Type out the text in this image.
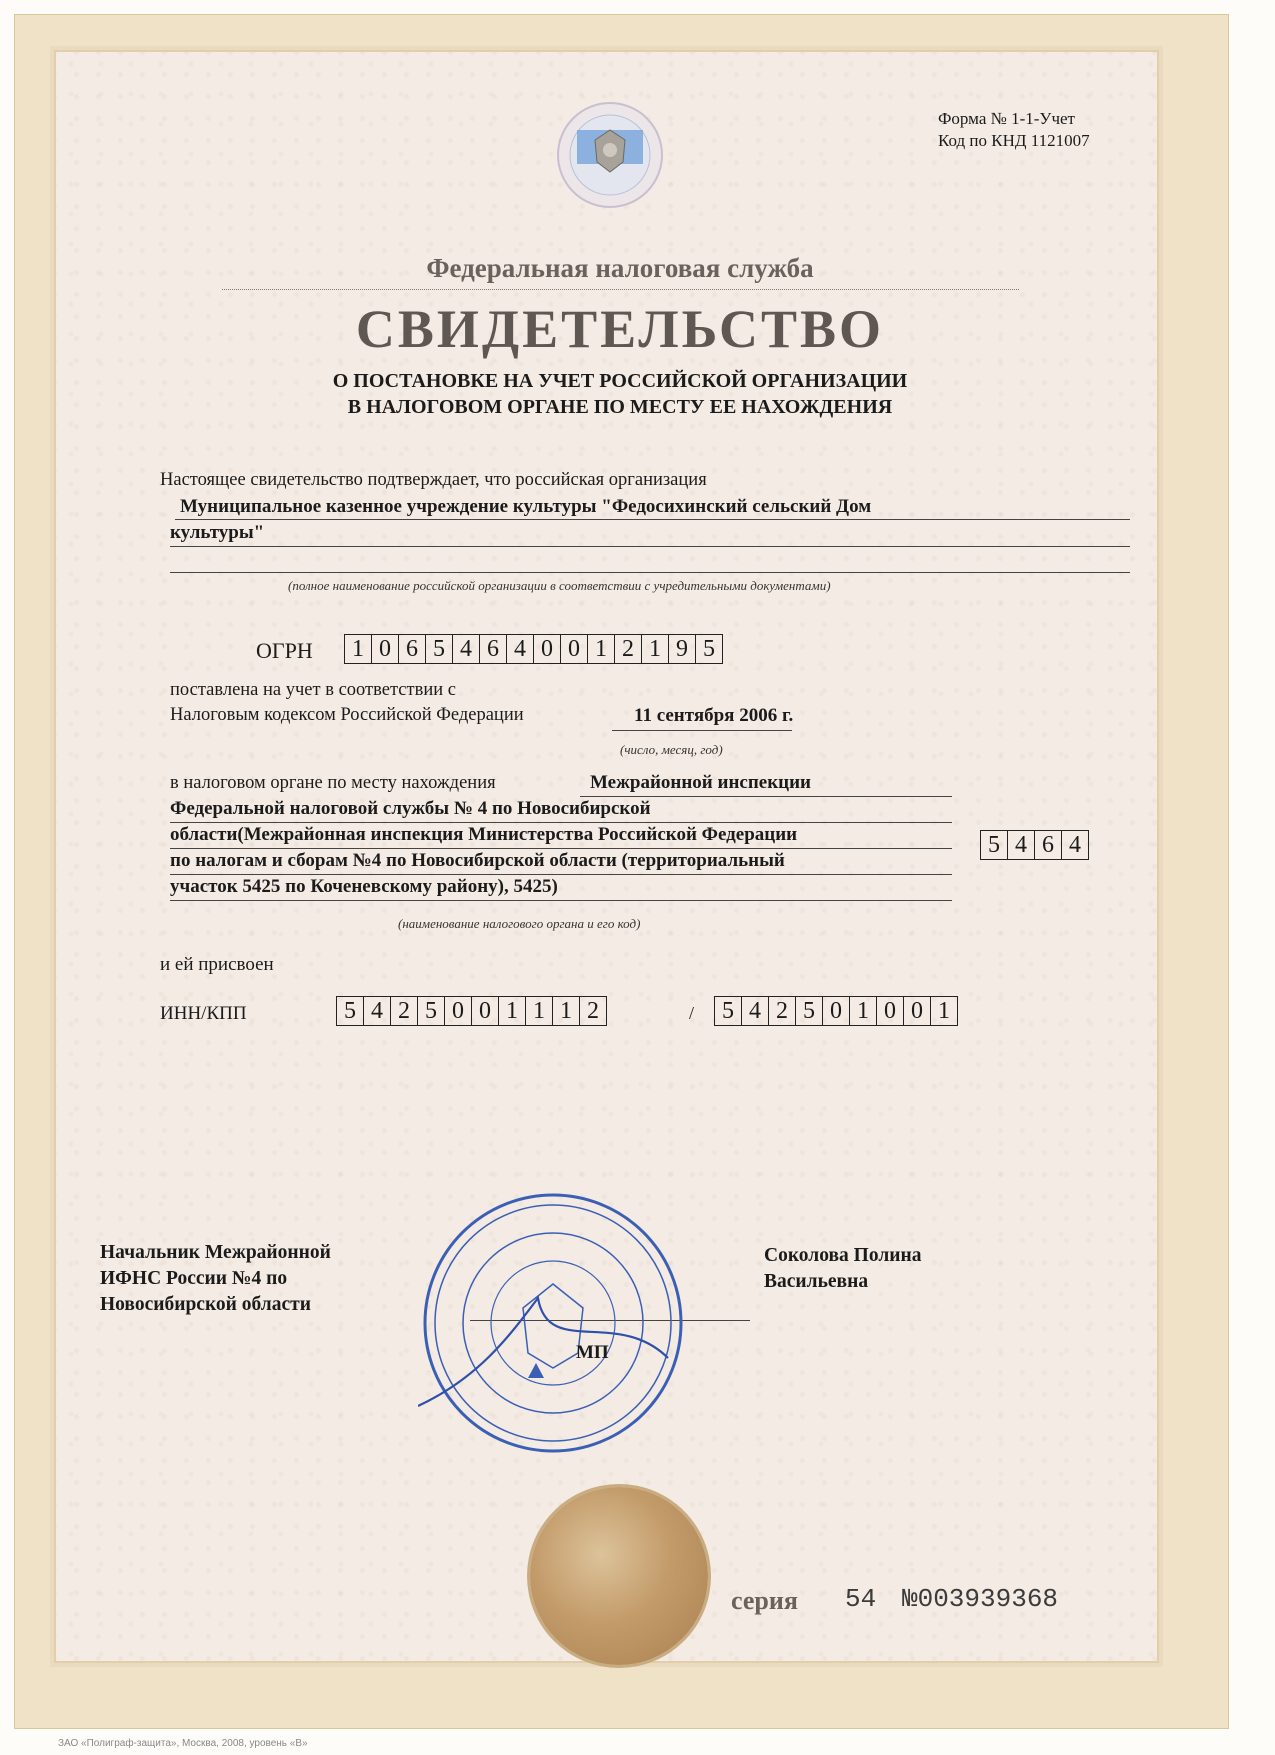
Форма № 1-1-Учет
Код по КНД 1121007
Федеральная налоговая служба
СВИДЕТЕЛЬСТВО
О ПОСТАНОВКЕ НА УЧЕТ РОССИЙСКОЙ ОРГАНИЗАЦИИ
В НАЛОГОВОМ ОРГАНЕ ПО МЕСТУ ЕЕ НАХОЖДЕНИЯ
Настоящее свидетельство подтверждает, что российская организация
Муниципальное казенное учреждение культуры "Федосихинский сельский Дом
культуры"
(полное наименование российской организации в соответствии с учредительными документами)
ОГРН 1 0 6 5 4 6 4 0 0 1 2 1 9 5
поставлена на учет в соответствии с
Налоговым кодексом Российской Федерации	11 сентября 2006 г.
(число, месяц, год)
в налоговом органе по месту нахождения	Межрайонной инспекции
Федеральной налоговой службы № 4 по Новосибирской
области(Межрайонная инспекция Министерства Российской Федерации
по налогам и сборам №4 по Новосибирской области (территориальный
участок 5425 по Коченевскому району), 5425)
5 4 6 4
(наименование налогового органа и его код)
и ей присвоен
ИНН/КПП	5 4 2 5 0 0 1 1 1 2	/ 5 4 2 5 0 1 0 0 1
Начальник Межрайонной
ИФНС России №4 по
Новосибирской области
Соколова Полина
Васильевна
МП
серия 54 №003939368
ЗАО «Полиграф-защита», Москва, 2008, уровень «В»
